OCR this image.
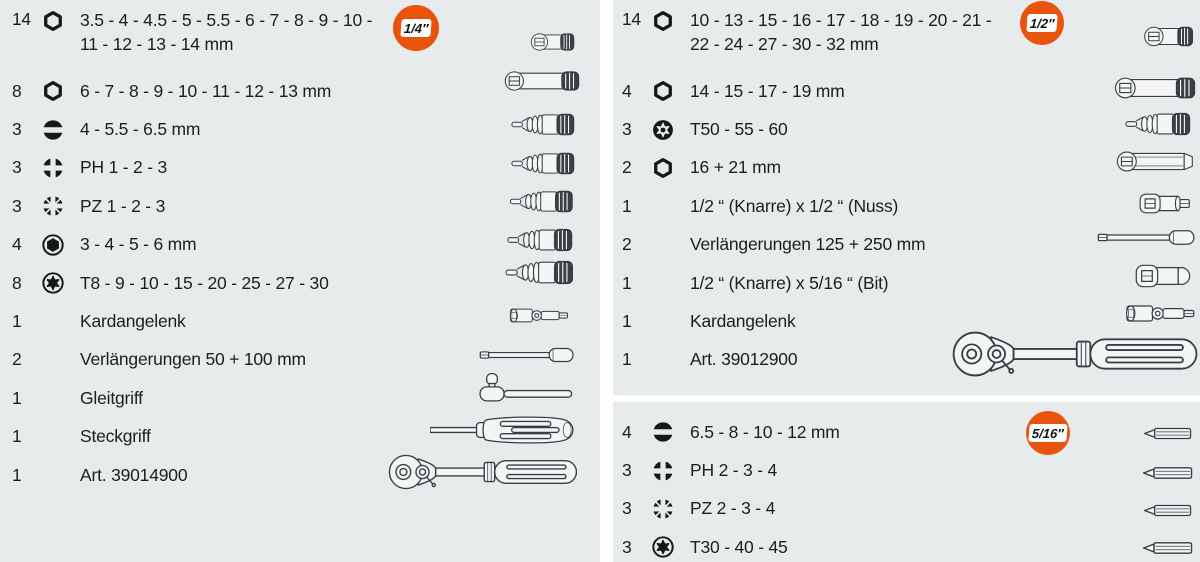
14	3.5 - 4 - 4.5 - 5 - 5.5 - 6 - 7 - 8 - 9 - 10 - 11 - 12 - 13 - 14 mm
8	6 - 7 - 8 - 9 - 10 - 11 - 12 - 13 mm
3	4 - 5.5 - 6.5 mm
3	PH 1 - 2 - 3
3	PZ 1 - 2 - 3
4	3 - 4 - 5 - 6 mm
8	T8 - 9 - 10 - 15 - 20 - 25 - 27 - 30
1	Kardangelenk
2	Verlängerungen 50 + 100 mm
1	Gleitgriff
1	Steckgriff
1	Art. 39014900
14	10 - 13 - 15 - 16 - 17 - 18 - 19 - 20 - 21 - 22 - 24 - 27 - 30 - 32 mm
4	14 - 15 - 17 - 19 mm
3	T50 - 55 - 60
2	16 + 21 mm
1	1/2 “ (Knarre) x 1/2 “ (Nuss)
2	Verlängerungen 125 + 250 mm
1	1/2 “ (Knarre) x 5/16 “ (Bit)
1	Kardangelenk
1	Art. 39012900
4	6.5 - 8 - 10 - 12 mm
3	PH 2 - 3 - 4
3	PZ 2 - 3 - 4
3	T30 - 40 - 45
1/4″	1/2″
5/16″
